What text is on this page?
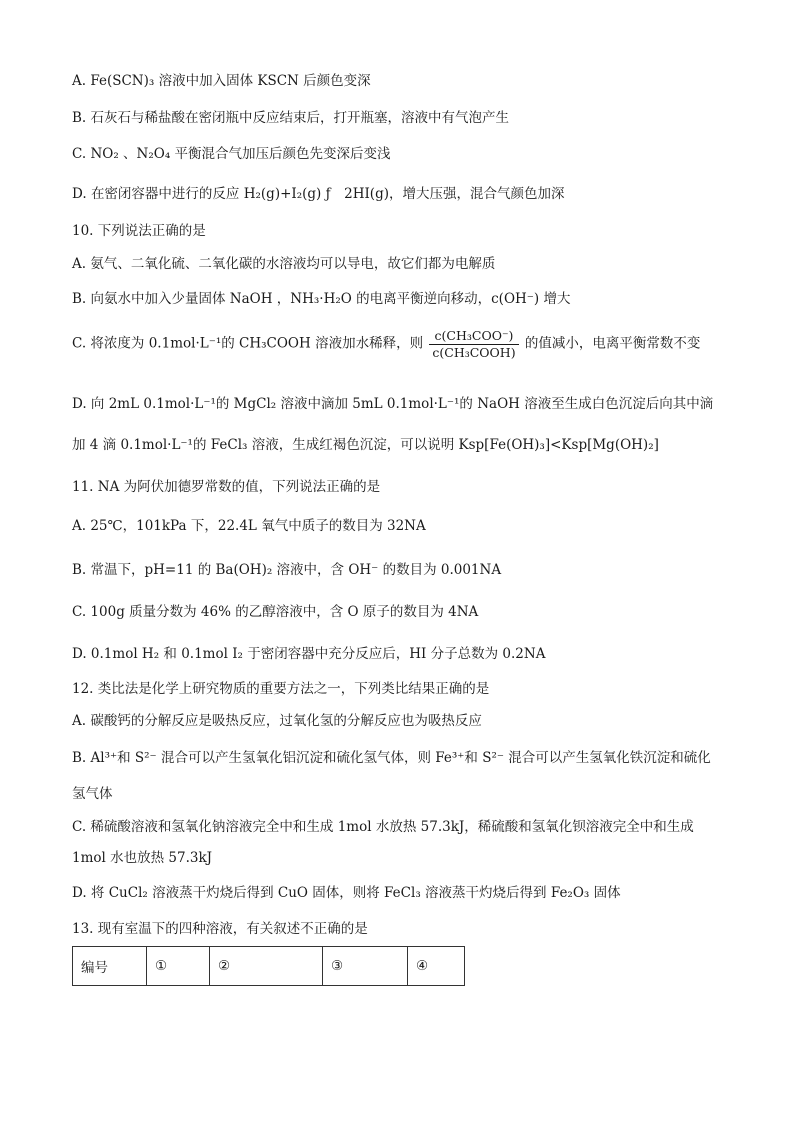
A. Fe(SCN)₃ 溶液中加入固体 KSCN 后颜色变深
B. 石灰石与稀盐酸在密闭瓶中反应结束后，打开瓶塞，溶液中有气泡产生
C. NO₂ 、N₂O₄ 平衡混合气加压后颜色先变深后变浅
D. 在密闭容器中进行的反应 H₂(g)+I₂(g) ƒ　2HI(g)，增大压强，混合气颜色加深
10. 下列说法正确的是
A. 氨气、二氧化硫、二氧化碳的水溶液均可以导电，故它们都为电解质
B. 向氨水中加入少量固体 NaOH ，NH₃·H₂O 的电离平衡逆向移动，c(OH⁻) 增大
C. 将浓度为 0.1mol·L⁻¹的 CH₃COOH 溶液加水稀释，则 $\frac{\text{c(CH₃COO⁻)}}{\text{c(CH₃COOH)}}$ 的值减小，电离平衡常数不变
D. 向 2mL 0.1mol·L⁻¹的 MgCl₂ 溶液中滴加 5mL 0.1mol·L⁻¹的 NaOH 溶液至生成白色沉淀后向其中滴
加 4 滴 0.1mol·L⁻¹的 FeCl₃ 溶液，生成红褐色沉淀，可以说明 Ksp[Fe(OH)₃]<Ksp[Mg(OH)₂]
11. NA 为阿伏加德罗常数的值，下列说法正确的是
A. 25℃，101kPa 下，22.4L 氧气中质子的数目为 32NA
B. 常温下，pH=11 的 Ba(OH)₂ 溶液中，含 OH⁻ 的数目为 0.001NA
C. 100g 质量分数为 46% 的乙醇溶液中，含 O 原子的数目为 4NA
D. 0.1mol H₂ 和 0.1mol I₂ 于密闭容器中充分反应后，HI 分子总数为 0.2NA
12. 类比法是化学上研究物质的重要方法之一，下列类比结果正确的是
A. 碳酸钙的分解反应是吸热反应，过氧化氢的分解反应也为吸热反应
B. Al³⁺和 S²⁻ 混合可以产生氢氧化铝沉淀和硫化氢气体，则 Fe³⁺和 S²⁻ 混合可以产生氢氧化铁沉淀和硫化
氢气体
C. 稀硫酸溶液和氢氧化钠溶液完全中和生成 1mol 水放热 57.3kJ，稀硫酸和氢氧化钡溶液完全中和生成
1mol 水也放热 57.3kJ
D. 将 CuCl₂ 溶液蒸干灼烧后得到 CuO 固体，则将 FeCl₃ 溶液蒸干灼烧后得到 Fe₂O₃ 固体
13. 现有室温下的四种溶液，有关叙述不正确的是
编号	①	②	③	④
